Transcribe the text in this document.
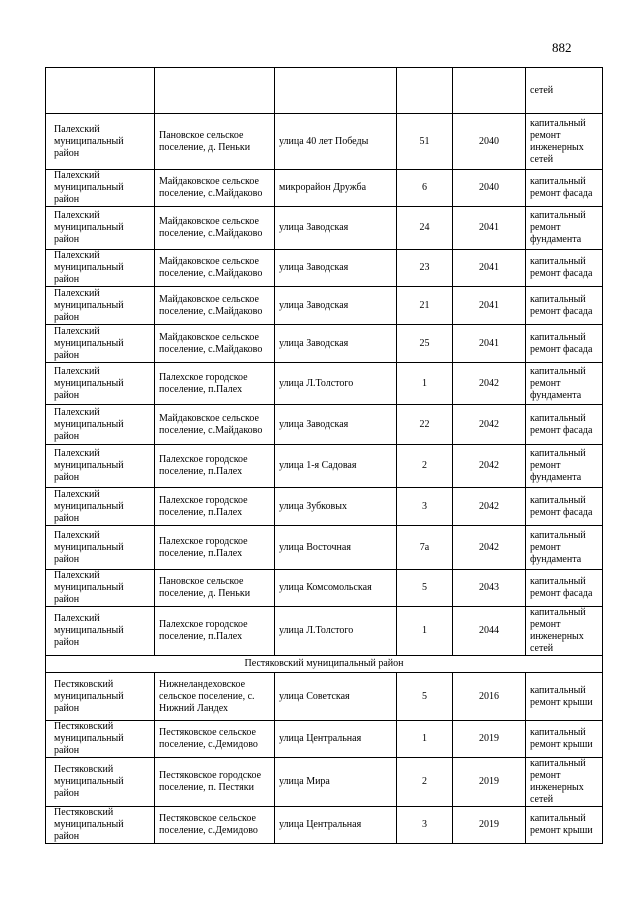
882
					сетей
Палехский муниципальный район	Пановское сельское поселение, д. Пеньки	улица 40 лет Победы	51	2040	капитальный ремонт инженерных сетей
Палехский муниципальный район	Майдаковское сельское поселение, с.Майдаково	микрорайон Дружба	6	2040	капитальный ремонт фасада
Палехский муниципальный район	Майдаковское сельское поселение, с.Майдаково	улица Заводская	24	2041	капитальный ремонт фундамента
Палехский муниципальный район	Майдаковское сельское поселение, с.Майдаково	улица Заводская	23	2041	капитальный ремонт фасада
Палехский муниципальный район	Майдаковское сельское поселение, с.Майдаково	улица Заводская	21	2041	капитальный ремонт фасада
Палехский муниципальный район	Майдаковское сельское поселение, с.Майдаково	улица Заводская	25	2041	капитальный ремонт фасада
Палехский муниципальный район	Палехское городское поселение, п.Палех	улица Л.Толстого	1	2042	капитальный ремонт фундамента
Палехский муниципальный район	Майдаковское сельское поселение, с.Майдаково	улица Заводская	22	2042	капитальный ремонт фасада
Палехский муниципальный район	Палехское городское поселение, п.Палех	улица 1-я Садовая	2	2042	капитальный ремонт фундамента
Палехский муниципальный район	Палехское городское поселение, п.Палех	улица Зубковых	3	2042	капитальный ремонт фасада
Палехский муниципальный район	Палехское городское поселение, п.Палех	улица Восточная	7а	2042	капитальный ремонт фундамента
Палехский муниципальный район	Пановское сельское поселение, д. Пеньки	улица Комсомольская	5	2043	капитальный ремонт фасада
Палехский муниципальный район	Палехское городское поселение, п.Палех	улица Л.Толстого	1	2044	капитальный ремонт инженерных сетей
Пестяковский муниципальный район					
Пестяковский муниципальный район	Нижнеландеховское сельское поселение, с. Нижний Ландех	улица Советская	5	2016	капитальный ремонт крыши
Пестяковский муниципальный район	Пестяковское сельское поселение, с.Демидово	улица Центральная	1	2019	капитальный ремонт крыши
Пестяковский муниципальный район	Пестяковское городское поселение, п. Пестяки	улица Мира	2	2019	капитальный ремонт инженерных сетей
Пестяковский муниципальный район	Пестяковское сельское поселение, с.Демидово	улица Центральная	3	2019	капитальный ремонт крыши
